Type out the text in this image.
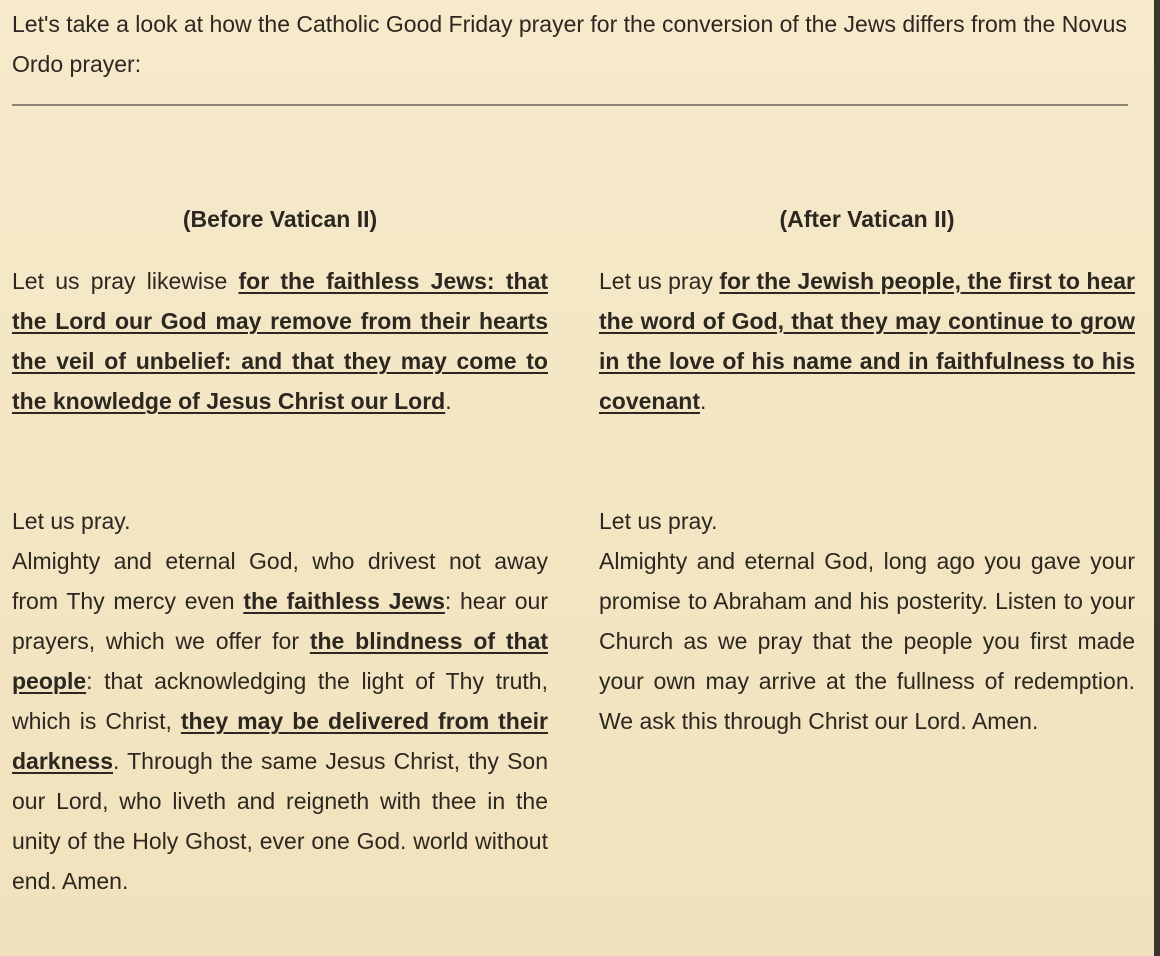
Let's take a look at how the Catholic Good Friday prayer for the conversion of the Jews differs from the Novus Ordo prayer:

(Before Vatican II)

Let us pray likewise for the faithless Jews: that the Lord our God may remove from their hearts the veil of unbelief: and that they may come to the knowledge of Jesus Christ our Lord.

Let us pray.
Almighty and eternal God, who drivest not away from Thy mercy even the faithless Jews: hear our prayers, which we offer for the blindness of that people: that acknowledging the light of Thy truth, which is Christ, they may be delivered from their darkness. Through the same Jesus Christ, thy Son our Lord, who liveth and reigneth with thee in the unity of the Holy Ghost, ever one God. world without end. Amen.

(After Vatican II)

Let us pray for the Jewish people, the first to hear the word of God, that they may continue to grow in the love of his name and in faithfulness to his covenant.

Let us pray.
Almighty and eternal God, long ago you gave your promise to Abraham and his posterity. Listen to your Church as we pray that the people you first made your own may arrive at the fullness of redemption. We ask this through Christ our Lord. Amen.
